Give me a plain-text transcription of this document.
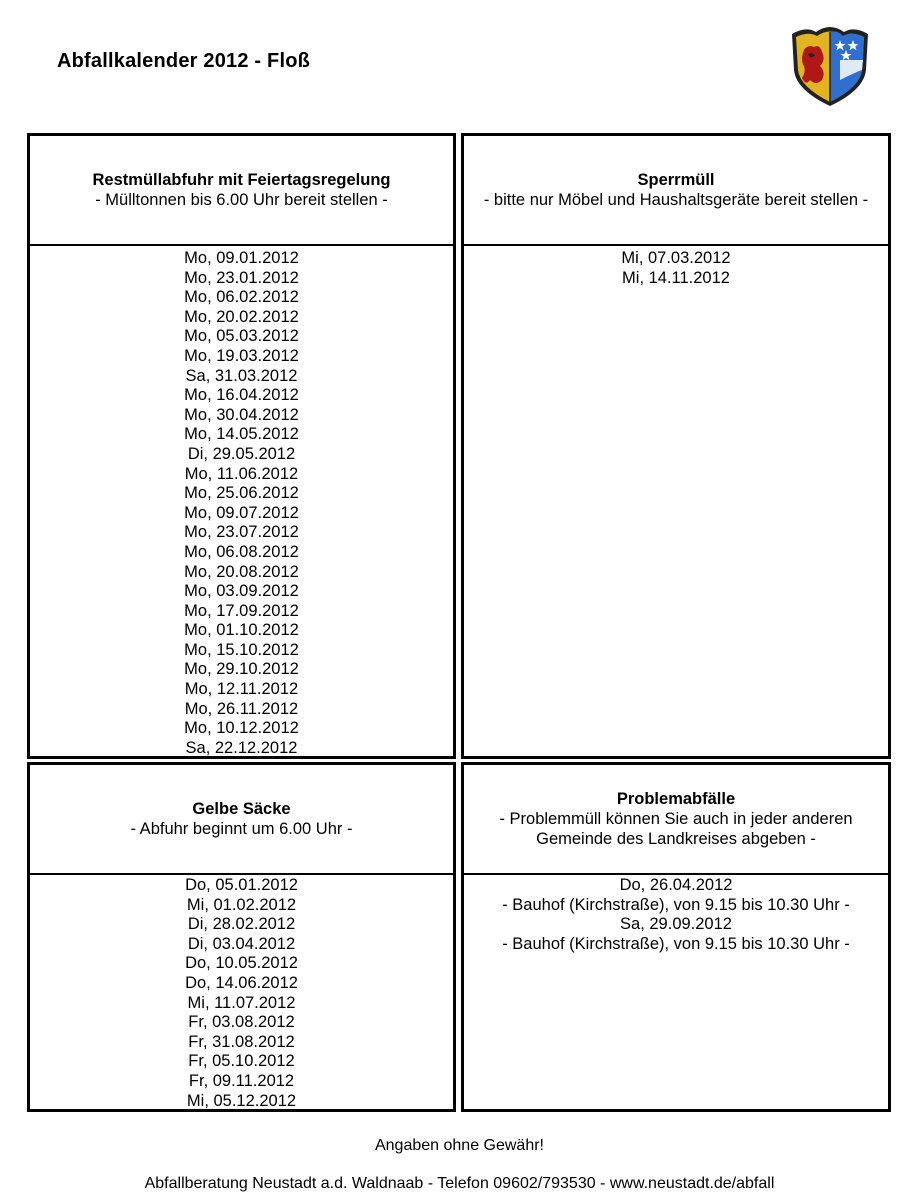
Abfallkalender 2012 - Floß
Restmüllabfuhr mit Feiertagsregelung
- Mülltonnen bis 6.00 Uhr bereit stellen -
Mo, 09.01.2012
Mo, 23.01.2012
Mo, 06.02.2012
Mo, 20.02.2012
Mo, 05.03.2012
Mo, 19.03.2012
Sa, 31.03.2012
Mo, 16.04.2012
Mo, 30.04.2012
Mo, 14.05.2012
Di, 29.05.2012
Mo, 11.06.2012
Mo, 25.06.2012
Mo, 09.07.2012
Mo, 23.07.2012
Mo, 06.08.2012
Mo, 20.08.2012
Mo, 03.09.2012
Mo, 17.09.2012
Mo, 01.10.2012
Mo, 15.10.2012
Mo, 29.10.2012
Mo, 12.11.2012
Mo, 26.11.2012
Mo, 10.12.2012
Sa, 22.12.2012
Sperrmüll
- bitte nur Möbel und Haushaltsgeräte bereit stellen -
Mi, 07.03.2012
Mi, 14.11.2012
Gelbe Säcke
- Abfuhr beginnt um 6.00 Uhr -
Do, 05.01.2012
Mi, 01.02.2012
Di, 28.02.2012
Di, 03.04.2012
Do, 10.05.2012
Do, 14.06.2012
Mi, 11.07.2012
Fr, 03.08.2012
Fr, 31.08.2012
Fr, 05.10.2012
Fr, 09.11.2012
Mi, 05.12.2012
Problemabfälle
- Problemmüll können Sie auch in jeder anderen
Gemeinde des Landkreises abgeben -
Do, 26.04.2012
- Bauhof (Kirchstraße), von 9.15 bis 10.30 Uhr -
Sa, 29.09.2012
- Bauhof (Kirchstraße), von 9.15 bis 10.30 Uhr -
Angaben ohne Gewähr!
Abfallberatung Neustadt a.d. Waldnaab - Telefon 09602/793530 - www.neustadt.de/abfall
